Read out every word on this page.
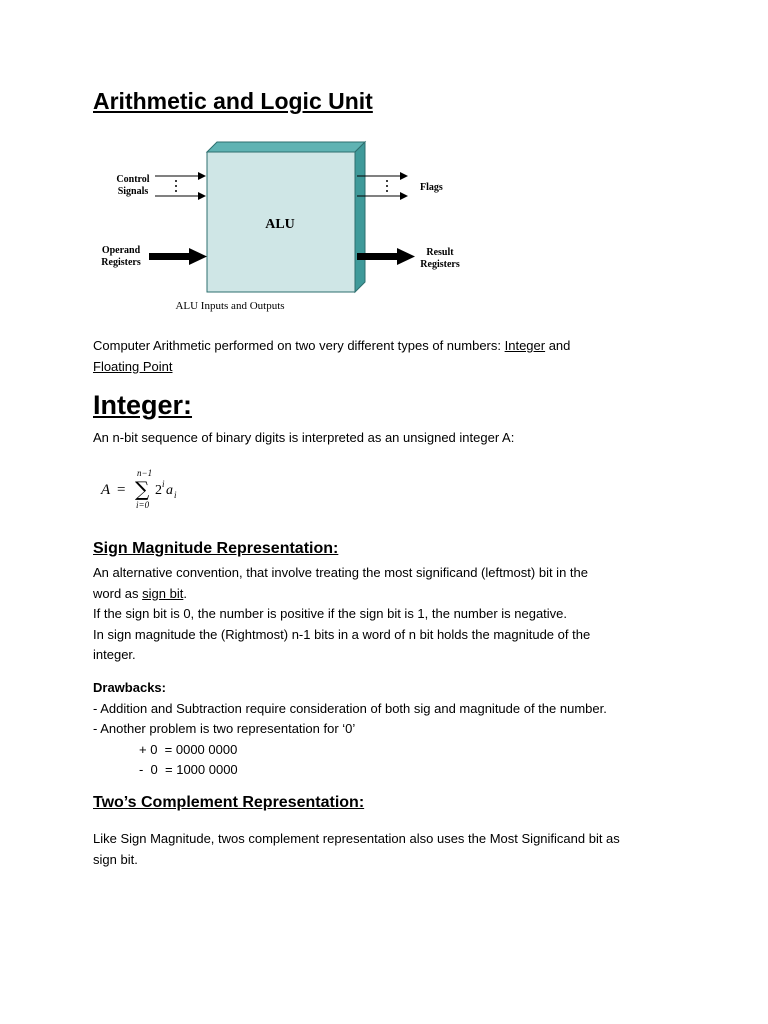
Arithmetic and Logic Unit
ALU
Control
Signals
Operand
Registers
Flags
Result
Registers
ALU Inputs and Outputs

Computer Arithmetic performed on two very different types of numbers: Integer and
Floating Point

Integer:

An n-bit sequence of binary digits is interpreted as an unsigned integer A:

A =
n−1
∑
i=0
2 i a i
Sign Magnitude Representation:
An alternative convention, that involve treating the most significand (leftmost) bit in the
word as sign bit.
If the sign bit is 0, the number is positive if the sign bit is 1, the number is negative.
In sign magnitude the (Rightmost) n-1 bits in a word of n bit holds the magnitude of the
integer.
Drawbacks:
- Addition and Subtraction require consideration of both sig and magnitude of the number.
- Another problem is two representation for ‘0’
+ 0  = 0000 0000
-  0  = 1000 0000
Two’s Complement Representation:
Like Sign Magnitude, twos complement representation also uses the Most Significand bit as
sign bit.
